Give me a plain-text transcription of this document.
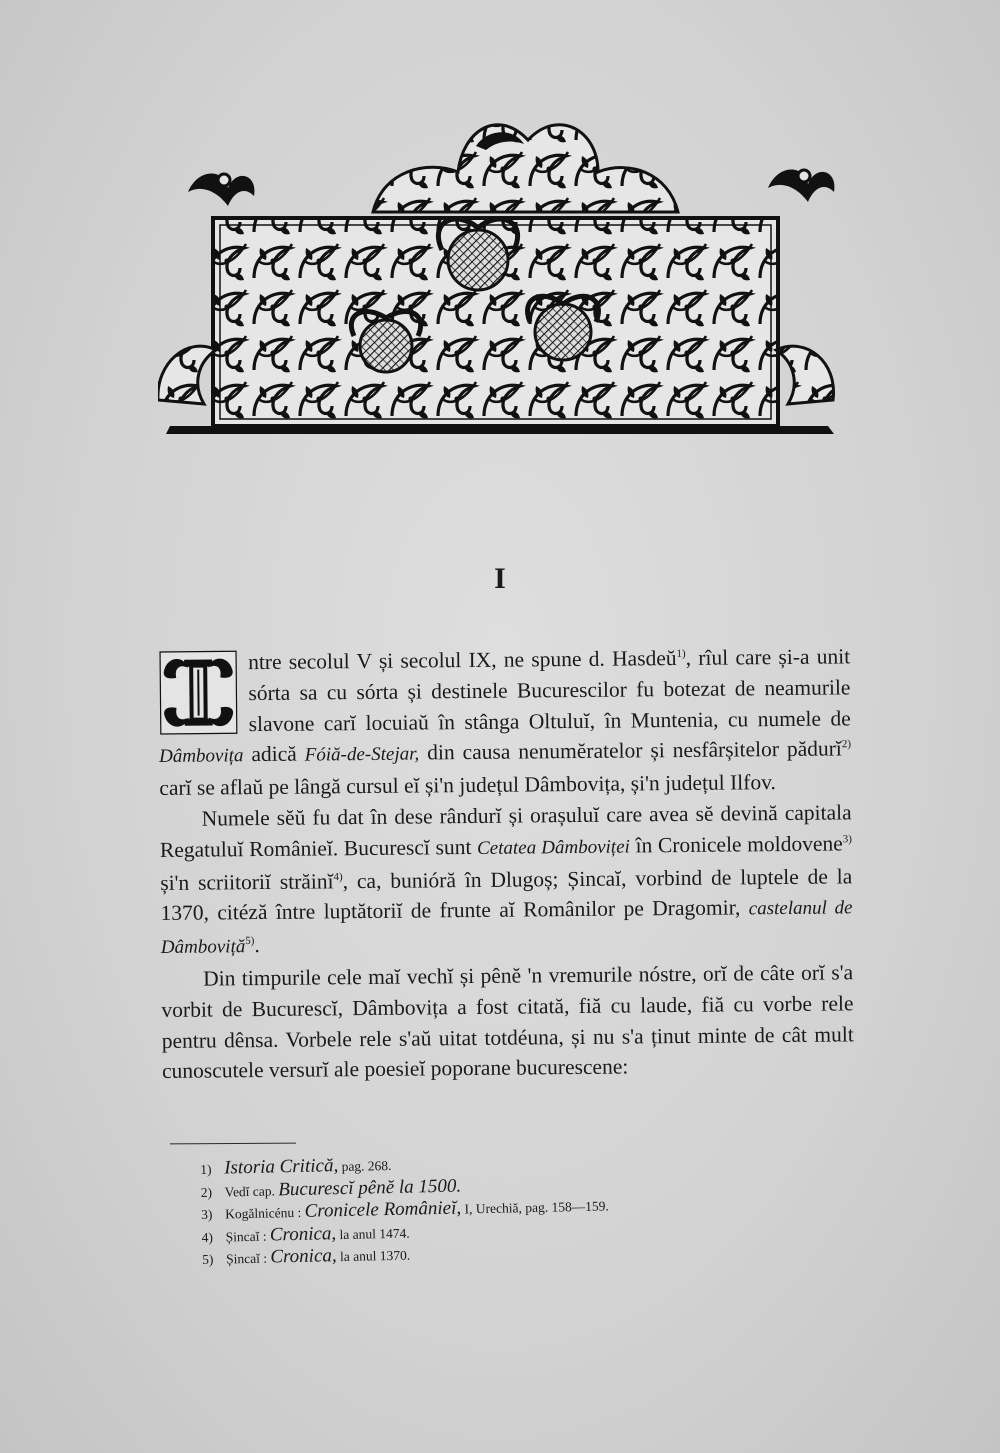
I

ntre secolul V și secolul IX, ne spune d. Hasdeŭ$^{1)}$, rîul care și-a unit sórta sa cu sórta și destinele Bucurescilor fu botezat de neamurile slavone carĭ locuiaŭ în stânga Oltuluĭ, în Muntenia, cu numele de Dâmbovița adică Fóiă-de-Stejar, din causa nenumĕratelor și nesfârșitelor pădurĭ$^{2)}$ carĭ se aflaŭ pe lângă cursul eĭ și'n județul Dâmbovița, și'n județul Ilfov.

Numele sĕŭ fu dat în dese rândurĭ și orașuluĭ care avea sĕ devină capitala Regatuluĭ Românieĭ. Bucurescĭ sunt Cetatea Dâmboviței în Cronicele moldovene$^{3)}$ și'n scriitoriĭ străinĭ$^{4)}$, ca, bunióră în Dlugoș; Șincaĭ, vorbind de luptele de la 1370, citéză între luptătoriĭ de frunte aĭ Românilor pe Dragomir, castelanul de Dâmboviță$^{5)}$.

Din timpurile cele maĭ vechĭ și pênĕ 'n vremurile nóstre, orĭ de câte orĭ s'a vorbit de Bucurescĭ, Dâmbovița a fost citată, fiă cu laude, fiă cu vorbe rele pentru dênsa. Vorbele rele s'aŭ uitat totdéuna, și nu s'a ținut minte de cât mult cunoscutele versurĭ ale poesieĭ poporane bucurescene:

1) Istoria Critică, pag. 268.
2) Vedĭ cap. Bucurescĭ pênĕ la 1500.
3) Kogălnicénu : Cronicele Românieĭ, I, Urechiă, pag. 158—159.
4) Șincaĭ : Cronica, la anul 1474.
5) Șincaĭ : Cronica, la anul 1370.
